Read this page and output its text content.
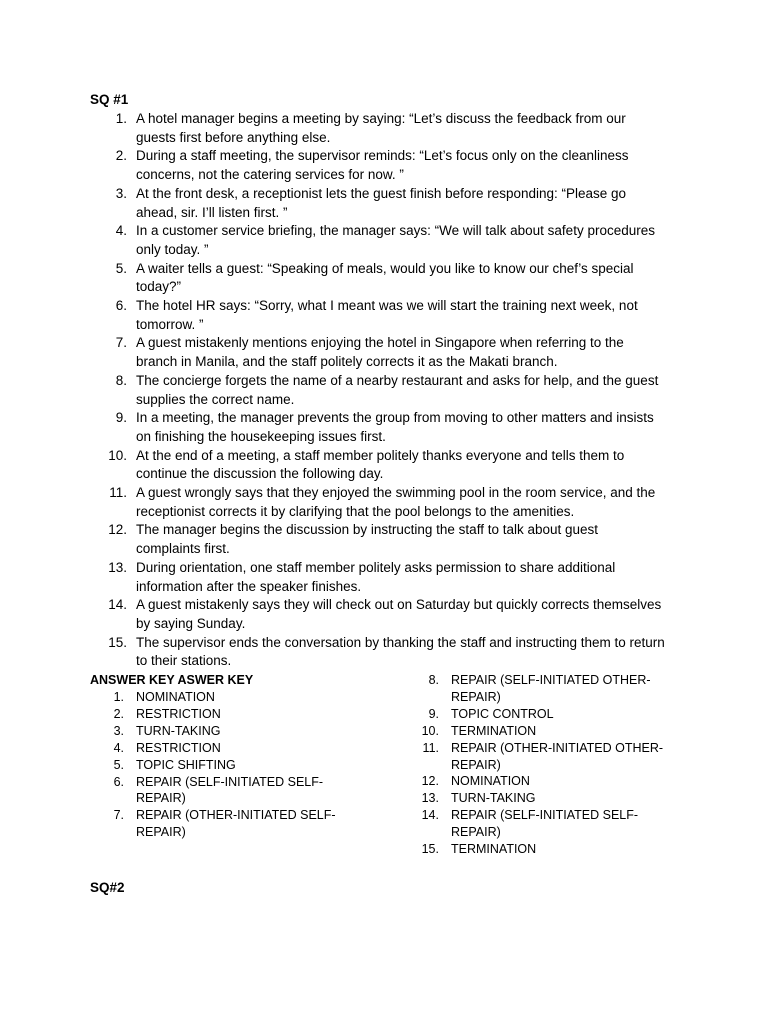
SQ #1

1. A hotel manager begins a meeting by saying: “Let’s discuss the feedback from our
guests first before anything else.
2. During a staff meeting, the supervisor reminds: “Let’s focus only on the cleanliness
concerns, not the catering services for now. ”
3. At the front desk, a receptionist lets the guest finish before responding: “Please go
ahead, sir. I’ll listen first. ”
4. In a customer service briefing, the manager says: “We will talk about safety procedures
only today. ”
5. A waiter tells a guest: “Speaking of meals, would you like to know our chef’s special
today?”
6. The hotel HR says: “Sorry, what I meant was we will start the training next week, not
tomorrow. ”
7. A guest mistakenly mentions enjoying the hotel in Singapore when referring to the
branch in Manila, and the staff politely corrects it as the Makati branch.
8. The concierge forgets the name of a nearby restaurant and asks for help, and the guest
supplies the correct name.
9. In a meeting, the manager prevents the group from moving to other matters and insists
on finishing the housekeeping issues first.
10. At the end of a meeting, a staff member politely thanks everyone and tells them to
continue the discussion the following day.
11. A guest wrongly says that they enjoyed the swimming pool in the room service, and the
receptionist corrects it by clarifying that the pool belongs to the amenities.
12. The manager begins the discussion by instructing the staff to talk about guest
complaints first.
13. During orientation, one staff member politely asks permission to share additional
information after the speaker finishes.
14. A guest mistakenly says they will check out on Saturday but quickly corrects themselves
by saying Sunday.
15. The supervisor ends the conversation by thanking the staff and instructing them to return
to their stations.

ANSWER KEY ASWER KEY

1. NOMINATION
2. RESTRICTION
3. TURN-TAKING
4. RESTRICTION
5. TOPIC SHIFTING
6. REPAIR (SELF-INITIATED SELF-
REPAIR)
7. REPAIR (OTHER-INITIATED SELF-
REPAIR)
8. REPAIR (SELF-INITIATED OTHER-
REPAIR)
9. TOPIC CONTROL
10. TERMINATION
11. REPAIR (OTHER-INITIATED OTHER-
REPAIR)
12. NOMINATION
13. TURN-TAKING
14. REPAIR (SELF-INITIATED SELF-
REPAIR)
15. TERMINATION

SQ#2
